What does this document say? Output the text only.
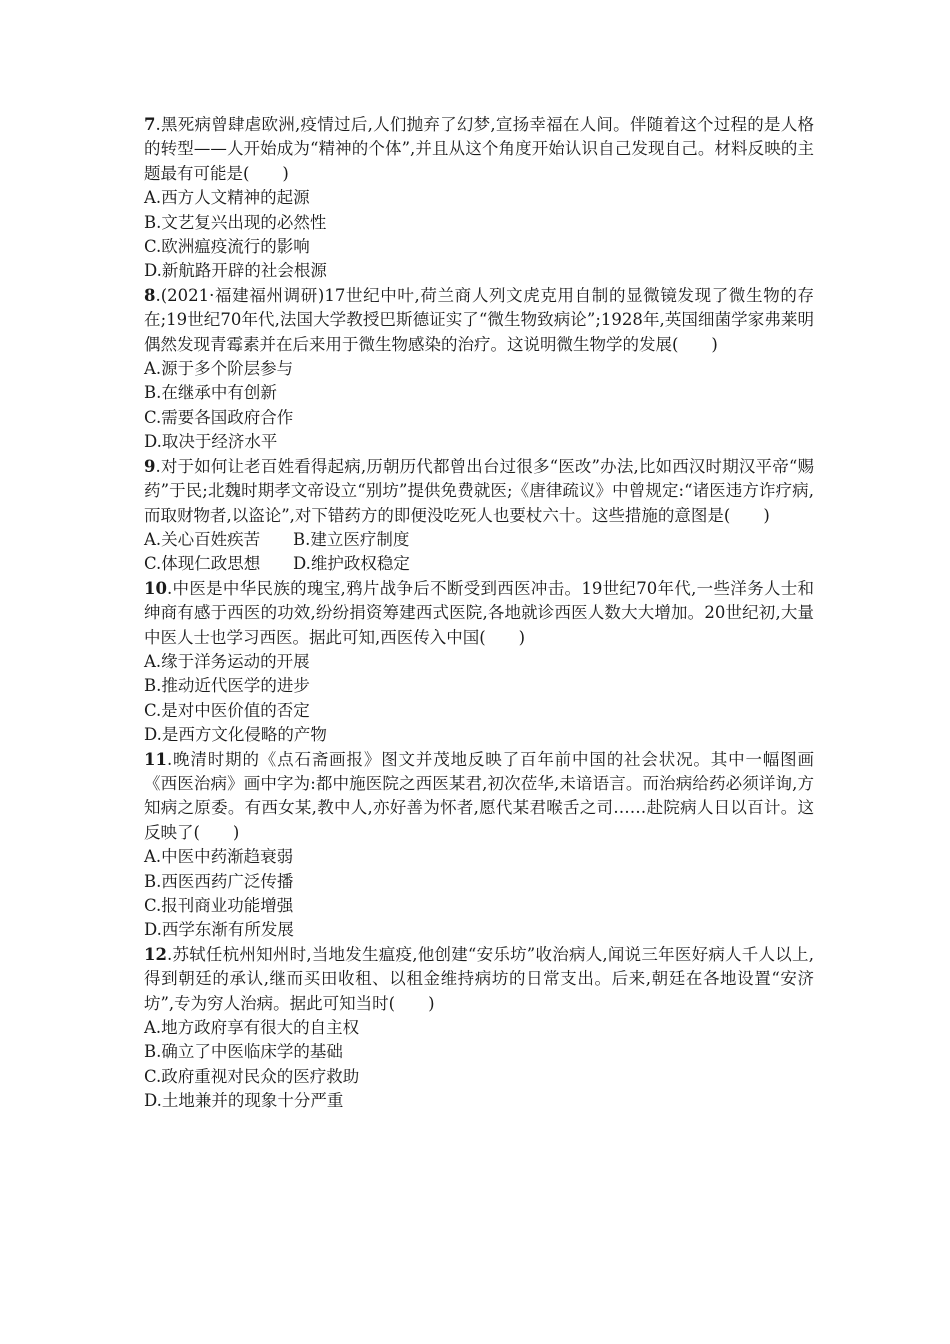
7.黑死病曾肆虐欧洲,疫情过后,人们抛弃了幻梦,宣扬幸福在人间。伴随着这个过程的是人格的转型——人开始成为“精神的个体”,并且从这个角度开始认识自己发现自己。材料反映的主题最有可能是(　　)

A.西方人文精神的起源

B.文艺复兴出现的必然性

C.欧洲瘟疫流行的影响

D.新航路开辟的社会根源

8.(2021·福建福州调研)17世纪中叶,荷兰商人列文虎克用自制的显微镜发现了微生物的存在;19世纪70年代,法国大学教授巴斯德证实了“微生物致病论”;1928年,英国细菌学家弗莱明偶然发现青霉素并在后来用于微生物感染的治疗。这说明微生物学的发展(　　)

A.源于多个阶层参与

B.在继承中有创新

C.需要各国政府合作

D.取决于经济水平

9.对于如何让老百姓看得起病,历朝历代都曾出台过很多“医改”办法,比如西汉时期汉平帝“赐药”于民;北魏时期孝文帝设立“别坊”提供免费就医;《唐律疏议》中曾规定:“诸医违方诈疗病,而取财物者,以盗论”,对下错药方的即便没吃死人也要杖六十。这些措施的意图是(　　)

A.关心百姓疾苦	B.建立医疗制度

C.体现仁政思想	D.维护政权稳定

10.中医是中华民族的瑰宝,鸦片战争后不断受到西医冲击。19世纪70年代,一些洋务人士和绅商有感于西医的功效,纷纷捐资筹建西式医院,各地就诊西医人数大大增加。20世纪初,大量中医人士也学习西医。据此可知,西医传入中国(　　)

A.缘于洋务运动的开展

B.推动近代医学的进步

C.是对中医价值的否定

D.是西方文化侵略的产物

11.晚清时期的《点石斋画报》图文并茂地反映了百年前中国的社会状况。其中一幅图画《西医治病》画中字为:都中施医院之西医某君,初次莅华,未谙语言。而治病给药必须详询,方知病之原委。有西女某,教中人,亦好善为怀者,愿代某君喉舌之司……赴院病人日以百计。这反映了(　　)

A.中医中药渐趋衰弱

B.西医西药广泛传播

C.报刊商业功能增强

D.西学东渐有所发展

12.苏轼任杭州知州时,当地发生瘟疫,他创建“安乐坊”收治病人,闻说三年医好病人千人以上,得到朝廷的承认,继而买田收租、以租金维持病坊的日常支出。后来,朝廷在各地设置“安济坊”,专为穷人治病。据此可知当时(　　)

A.地方政府享有很大的自主权

B.确立了中医临床学的基础

C.政府重视对民众的医疗救助

D.土地兼并的现象十分严重
